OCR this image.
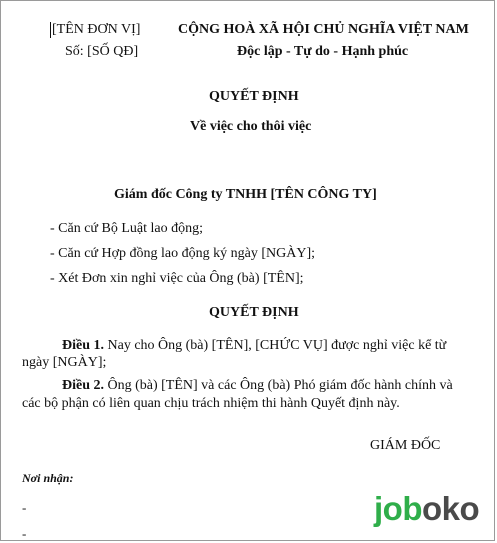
[TÊN ĐƠN VỊ]
Số: [SỐ QĐ]
CỘNG HOÀ XÃ HỘI CHỦ NGHĨA VIỆT NAM
Độc lập - Tự do - Hạnh phúc
QUYẾT ĐỊNH
Về việc cho thôi việc
Giám đốc Công ty TNHH [TÊN CÔNG TY]
- Căn cứ Bộ Luật lao động;
- Căn cứ Hợp đồng lao động ký ngày [NGÀY];
- Xét Đơn xin nghỉ việc của Ông (bà) [TÊN];
QUYẾT ĐỊNH
Điều 1. Nay cho Ông (bà) [TÊN], [CHỨC VỤ] được nghỉ việc kể từ
ngày [NGÀY];
Điều 2. Ông (bà) [TÊN] và các Ông (bà) Phó giám đốc hành chính và
các bộ phận có liên quan chịu trách nhiệm thi hành Quyết định này.
GIÁM ĐỐC
Nơi nhận:
-
-
joboko
